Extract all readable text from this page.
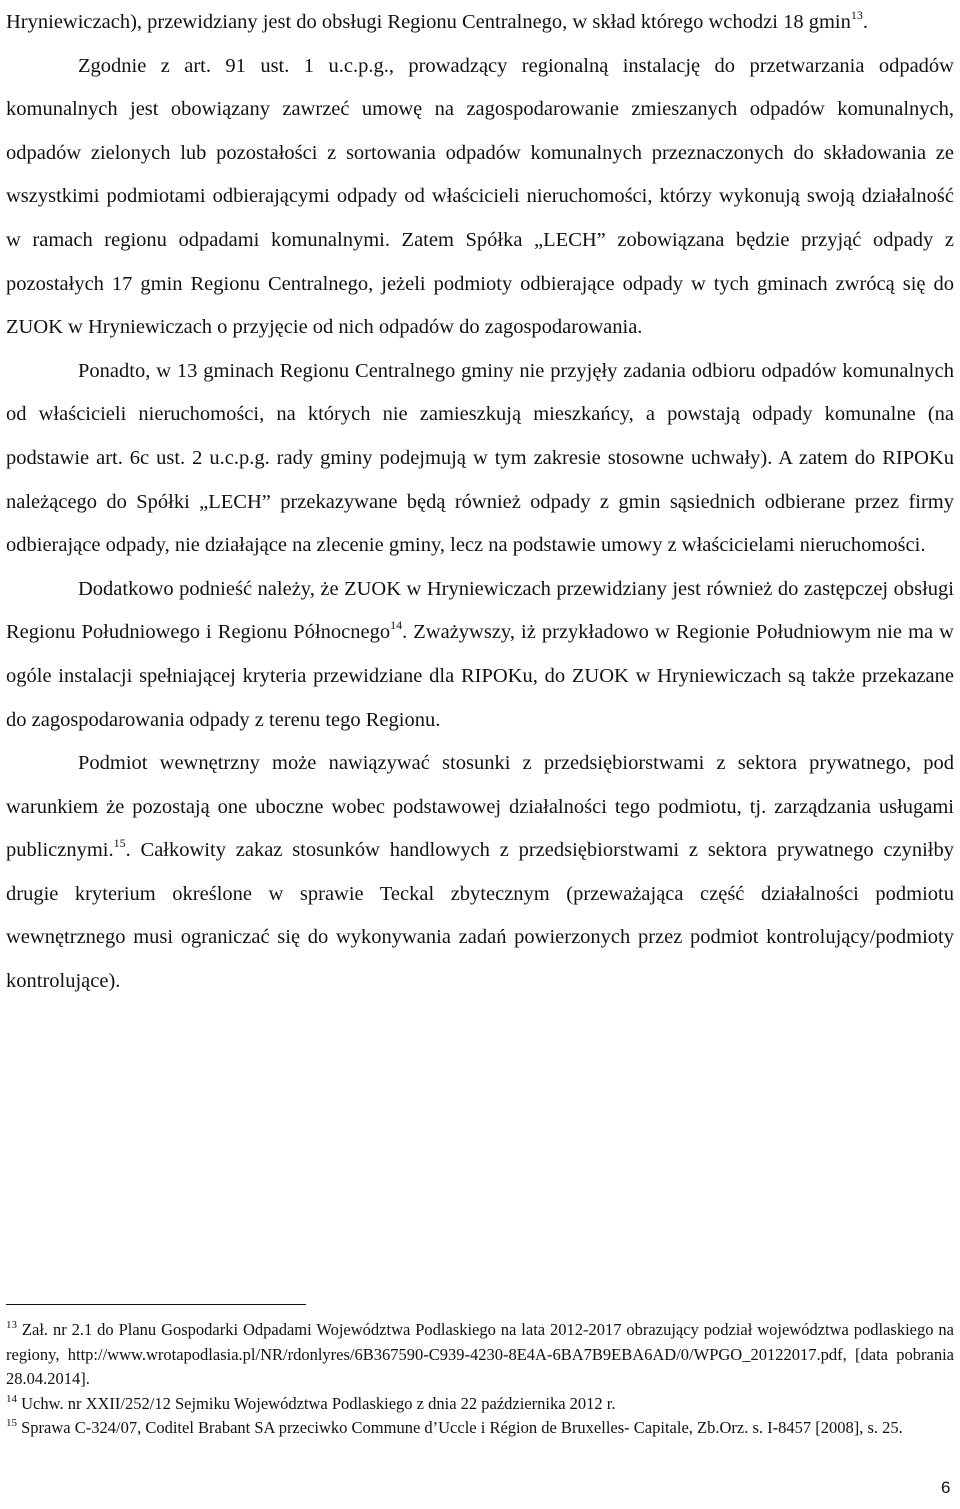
Hryniewiczach), przewidziany jest do obsługi Regionu Centralnego, w skład którego wchodzi 18 gmin$^{13}$.

Zgodnie z art. 91 ust. 1 u.c.p.g., prowadzący regionalną instalację do przetwarzania odpadów komunalnych jest obowiązany zawrzeć umowę na zagospodarowanie zmieszanych odpadów komunalnych, odpadów zielonych lub pozostałości z sortowania odpadów komunalnych przeznaczonych do składowania ze wszystkimi podmiotami odbierającymi odpady od właścicieli nieruchomości, którzy wykonują swoją działalność w ramach regionu odpadami komunalnymi. Zatem Spółka „LECH” zobowiązana będzie przyjąć odpady z pozostałych 17 gmin Regionu Centralnego, jeżeli podmioty odbierające odpady w tych gminach zwrócą się do ZUOK w Hryniewiczach o przyjęcie od nich odpadów do zagospodarowania.

Ponadto, w 13 gminach Regionu Centralnego gminy nie przyjęły zadania odbioru odpadów komunalnych od właścicieli nieruchomości, na których nie zamieszkują mieszkańcy, a powstają odpady komunalne (na podstawie art. 6c ust. 2 u.c.p.g. rady gminy podejmują w tym zakresie stosowne uchwały). A zatem do RIPOKu należącego do Spółki „LECH” przekazywane będą również odpady z gmin sąsiednich odbierane przez firmy odbierające odpady, nie działające na zlecenie gminy, lecz na podstawie umowy z właścicielami nieruchomości.

Dodatkowo podnieść należy, że ZUOK w Hryniewiczach przewidziany jest również do zastępczej obsługi Regionu Południowego i Regionu Północnego$^{14}$. Zważywszy, iż przykładowo w Regionie Południowym nie ma w ogóle instalacji spełniającej kryteria przewidziane dla RIPOKu, do ZUOK w Hryniewiczach są także przekazane do zagospodarowania odpady z terenu tego Regionu.

Podmiot wewnętrzny może nawiązywać stosunki z przedsiębiorstwami z sektora prywatnego, pod warunkiem że pozostają one uboczne wobec podstawowej działalności tego podmiotu, tj. zarządzania usługami publicznymi.$^{15}$. Całkowity zakaz stosunków handlowych z przedsiębiorstwami z sektora prywatnego czyniłby drugie kryterium określone w sprawie Teckal zbytecznym (przeważająca część działalności podmiotu wewnętrznego musi ograniczać się do wykonywania zadań powierzonych przez podmiot kontrolujący/podmioty kontrolujące).

$^{13}$ Zał. nr 2.1 do Planu Gospodarki Odpadami Województwa Podlaskiego na lata 2012-2017 obrazujący podział województwa podlaskiego na regiony, http://www.wrotapodlasia.pl/NR/rdonlyres/6B367590-C939-4230-8E4A-6BA7B9EBA6AD/0/WPGO_20122017.pdf, [data pobrania 28.04.2014].

$^{14}$ Uchw. nr XXII/252/12 Sejmiku Województwa Podlaskiego z dnia 22 października 2012 r.

$^{15}$ Sprawa C-324/07, Coditel Brabant SA przeciwko Commune d’Uccle i Région de Bruxelles- Capitale, Zb.Orz. s. I‑8457 [2008], s. 25.

6
